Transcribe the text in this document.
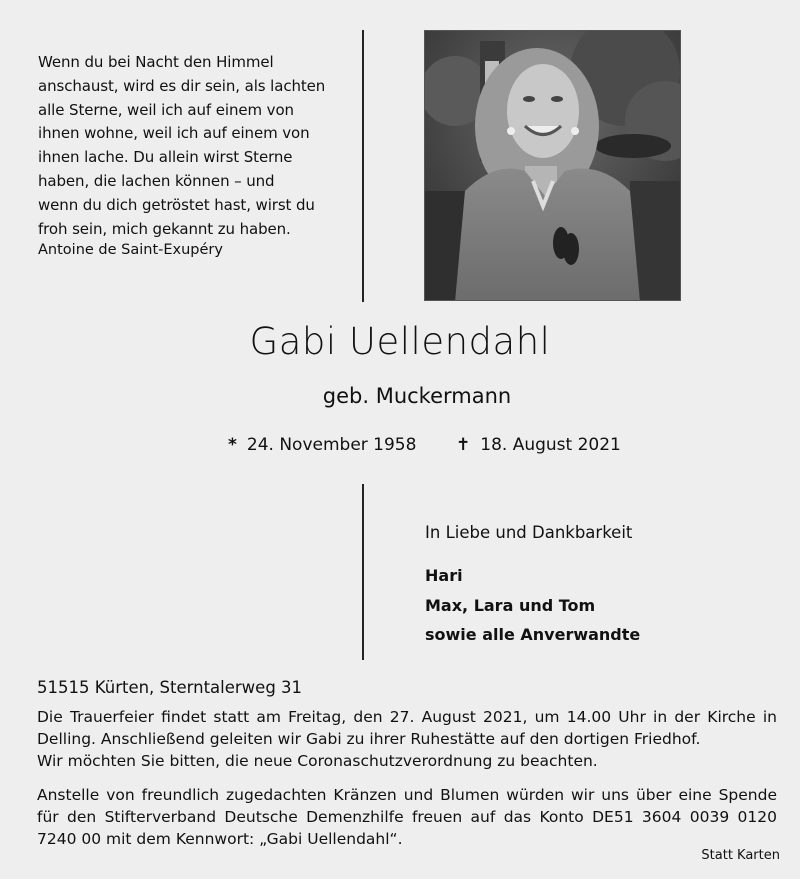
Wenn du bei Nacht den Himmel
anschaust, wird es dir sein, als lachten
alle Sterne, weil ich auf einem von
ihnen wohne, weil ich auf einem von
ihnen lache. Du allein wirst Sterne
haben, die lachen können – und
wenn du dich getröstet hast, wirst du
froh sein, mich gekannt zu haben.
Antoine de Saint-Exupéry
Gabi Uellendahl
geb. Muckermann
* 24. November 1958 ✝ 18. August 2021
In Liebe und Dankbarkeit
Hari
Max, Lara und Tom
sowie alle Anverwandte
51515 Kürten, Sterntalerweg 31
Die Trauerfeier findet statt am Freitag, den 27. August 2021, um 14.00 Uhr in der Kirche in
Delling. Anschließend geleiten wir Gabi zu ihrer Ruhestätte auf den dortigen Friedhof.
Wir möchten Sie bitten, die neue Coronaschutzverordnung zu beachten.
Anstelle von freundlich zugedachten Kränzen und Blumen würden wir uns über eine Spende
für den Stifterverband Deutsche Demenzhilfe freuen auf das Konto DE51 3604 0039 0120
7240 00 mit dem Kennwort: „Gabi Uellendahl“.
Statt Karten
